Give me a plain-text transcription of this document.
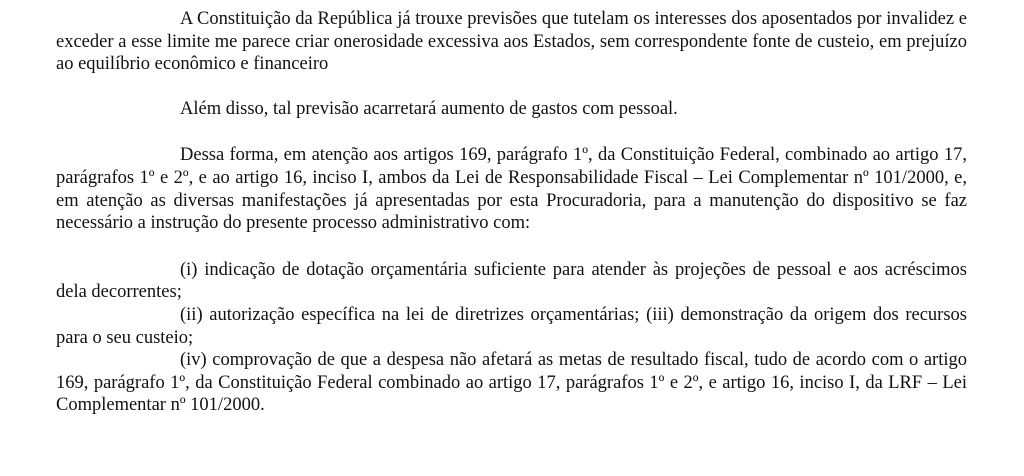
A Constituição da República já trouxe previsões que tutelam os interesses dos aposentados por invalidez e exceder a esse limite me parece criar onerosidade excessiva aos Estados, sem correspondente fonte de custeio, em prejuízo ao equilíbrio econômico e financeiro

Além disso, tal previsão acarretará aumento de gastos com pessoal.

Dessa forma, em atenção aos artigos 169, parágrafo 1º, da Constituição Federal, combinado ao artigo 17, parágrafos 1º e 2º, e ao artigo 16, inciso I, ambos da Lei de Responsabilidade Fiscal – Lei Complementar nº 101/2000, e, em atenção as diversas manifestações já apresentadas por esta Procuradoria, para a manutenção do dispositivo se faz necessário a instrução do presente processo administrativo com:

(i) indicação de dotação orçamentária suficiente para atender às projeções de pessoal e aos acréscimos dela decorrentes;

(ii) autorização específica na lei de diretrizes orçamentárias; (iii) demonstração da origem dos recursos para o seu custeio;

(iv) comprovação de que a despesa não afetará as metas de resultado fiscal, tudo de acordo com o artigo 169, parágrafo 1º, da Constituição Federal combinado ao artigo 17, parágrafos 1º e 2º, e artigo 16, inciso I, da LRF – Lei Complementar nº 101/2000.
